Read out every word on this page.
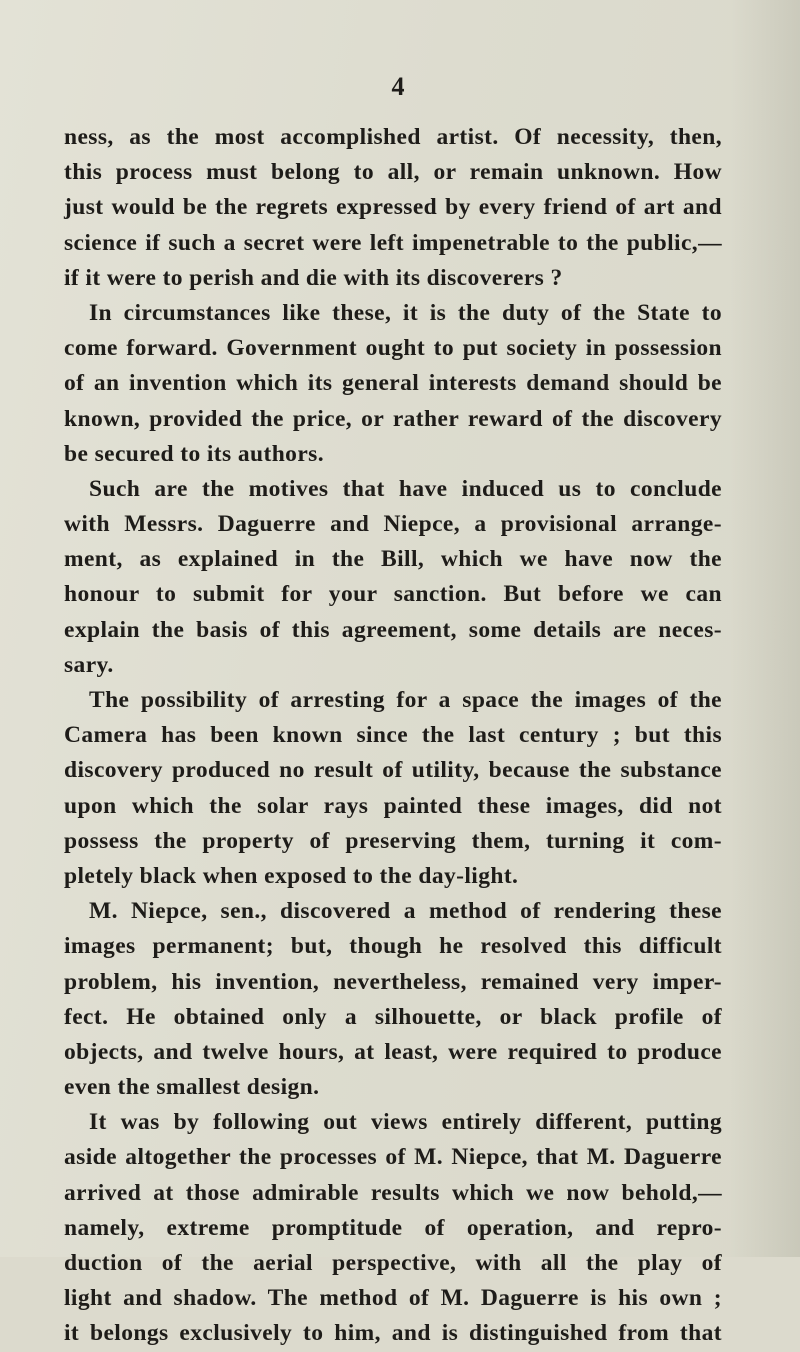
4
ness, as the most accomplished artist. Of necessity, then,
this process must belong to all, or remain unknown. How
just would be the regrets expressed by every friend of art and
science if such a secret were left impenetrable to the public,—
if it were to perish and die with its discoverers ?
In circumstances like these, it is the duty of the State to
come forward. Government ought to put society in possession
of an invention which its general interests demand should be
known, provided the price, or rather reward of the discovery
be secured to its authors.
Such are the motives that have induced us to conclude
with Messrs. Daguerre and Niepce, a provisional arrange-
ment, as explained in the Bill, which we have now the
honour to submit for your sanction. But before we can
explain the basis of this agreement, some details are neces-
sary.
The possibility of arresting for a space the images of the
Camera has been known since the last century ; but this
discovery produced no result of utility, because the substance
upon which the solar rays painted these images, did not
possess the property of preserving them, turning it com-
pletely black when exposed to the day-light.
M. Niepce, sen., discovered a method of rendering these
images permanent; but, though he resolved this difficult
problem, his invention, nevertheless, remained very imper-
fect. He obtained only a silhouette, or black profile of
objects, and twelve hours, at least, were required to produce
even the smallest design.
It was by following out views entirely different, putting
aside altogether the processes of M. Niepce, that M. Daguerre
arrived at those admirable results which we now behold,—
namely, extreme promptitude of operation, and repro-
duction of the aerial perspective, with all the play of
light and shadow. The method of M. Daguerre is his own ;
it belongs exclusively to him, and is distinguished from that
